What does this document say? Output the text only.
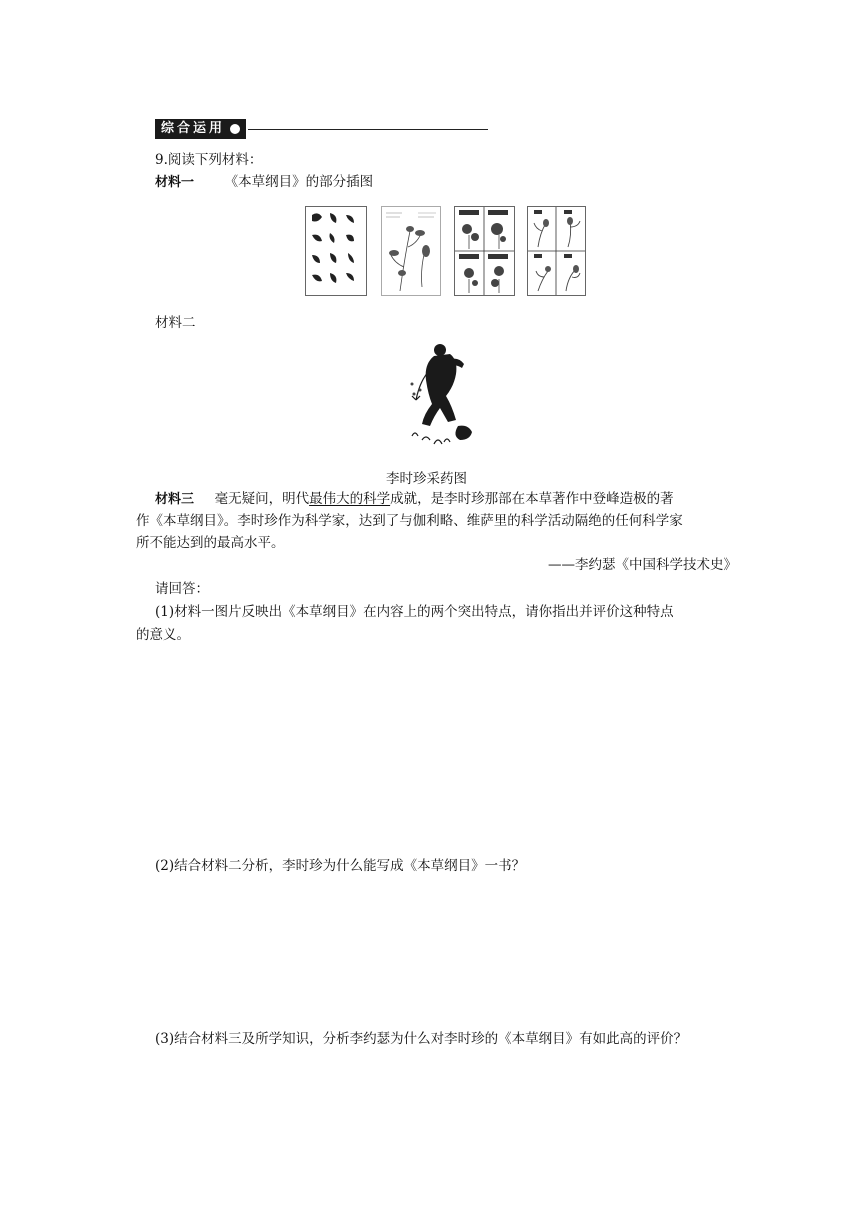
综合运用
9.阅读下列材料：
材料一 《本草纲目》的部分插图
材料二
李时珍采药图
材料三 毫无疑问，明代最伟大的科学成就，是李时珍那部在本草著作中登峰造极的著
作《本草纲目》。李时珍作为科学家，达到了与伽利略、维萨里的科学活动隔绝的任何科学家
所不能达到的最高水平。
——李约瑟《中国科学技术史》
请回答：
(1)材料一图片反映出《本草纲目》在内容上的两个突出特点，请你指出并评价这种特点
的意义。
(2)结合材料二分析，李时珍为什么能写成《本草纲目》一书？
(3)结合材料三及所学知识，分析李约瑟为什么对李时珍的《本草纲目》有如此高的评价？
